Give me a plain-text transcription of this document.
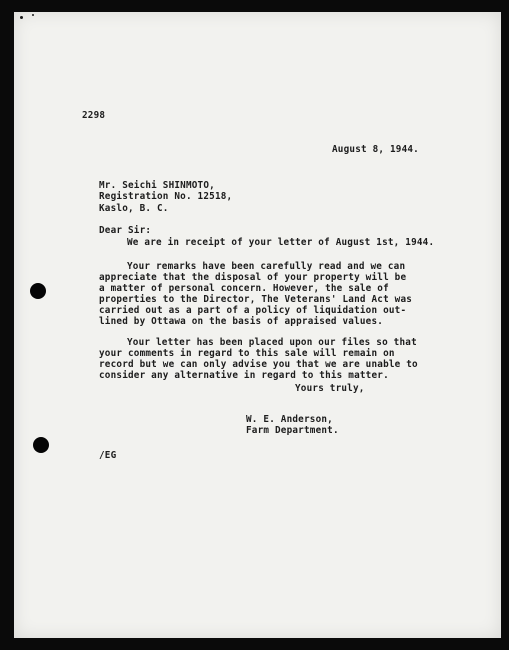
2298
August 8, 1944.
Mr. Seichi SHINMOTO,
Registration No. 12518,
Kaslo, B. C.
Dear Sir:
We are in receipt of your letter of August 1st, 1944.
Your remarks have been carefully read and we can
appreciate that the disposal of your property will be
a matter of personal concern. However, the sale of
properties to the Director, The Veterans' Land Act was
carried out as a part of a policy of liquidation out-
lined by Ottawa on the basis of appraised values.
Your letter has been placed upon our files so that
your comments in regard to this sale will remain on
record but we can only advise you that we are unable to
consider any alternative in regard to this matter.
Yours truly,
W. E. Anderson,
Farm Department.
/EG
